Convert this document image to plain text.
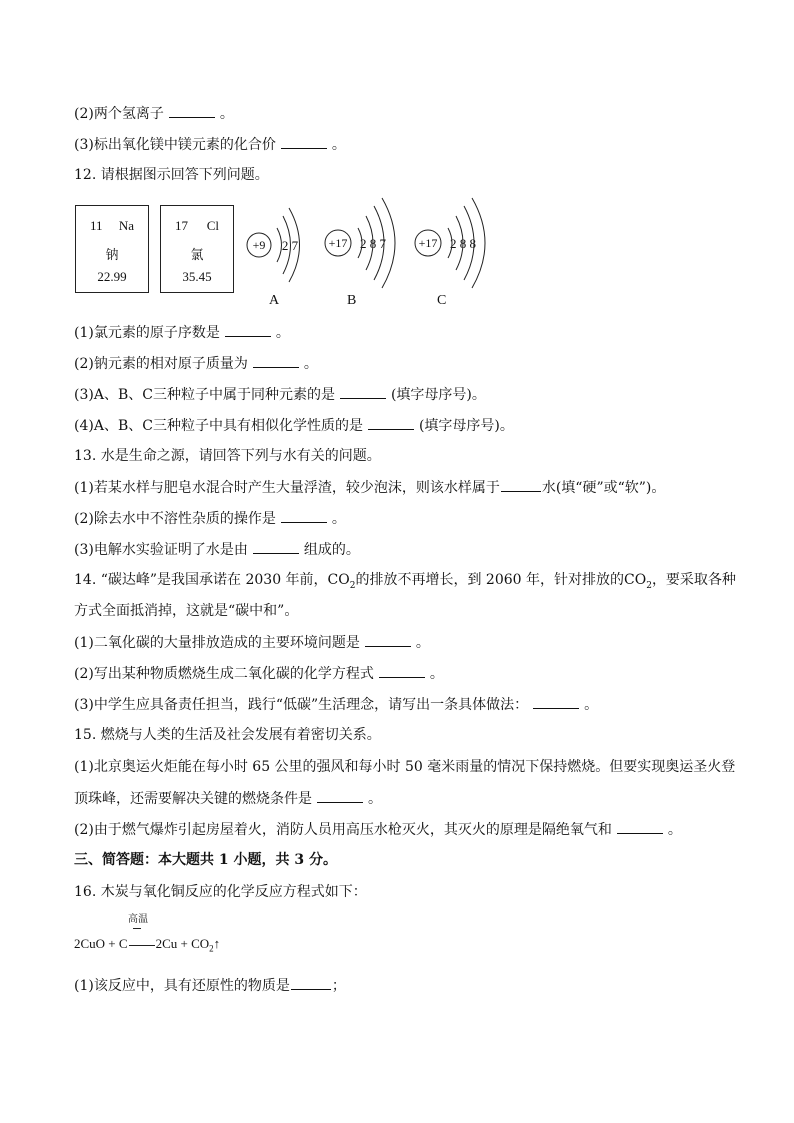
(2)两个氢离子	。
(3)标出氧化镁中镁元素的化合价	。
12. 请根据图示回答下列问题。
11 Na
钠
22.99
17 Cl
氯
35.45
+9 2 7	+17 2 8 7	+17 2 8 8
A	B	C
(1)氯元素的原子序数是	。
(2)钠元素的相对原子质量为	。
(3)A、B、C三种粒子中属于同种元素的是	(填字母序号)。
(4)A、B、C三种粒子中具有相似化学性质的是	(填字母序号)。
13. 水是生命之源，请回答下列与水有关的问题。
(1)若某水样与肥皂水混合时产生大量浮渣，较少泡沫，则该水样属于	水(填“硬”或“软”)。
(2)除去水中不溶性杂质的操作是	。
(3)电解水实验证明了水是由	组成的。
14. “碳达峰”是我国承诺在 2030 年前，$CO_2$的排放不再增长，到 2060 年，针对排放的$CO_2$，要采取各种
方式全面抵消掉，这就是“碳中和”。
(1)二氧化碳的大量排放造成的主要环境问题是	。
(2)写出某种物质燃烧生成二氧化碳的化学方程式	。
(3)中学生应具备责任担当，践行“低碳”生活理念，请写出一条具体做法：	。
15. 燃烧与人类的生活及社会发展有着密切关系。
(1)北京奥运火炬能在每小时 65 公里的强风和每小时 50 毫米雨量的情况下保持燃烧。但要实现奥运圣火登
顶珠峰，还需要解决关键的燃烧条件是	。
(2)由于燃气爆炸引起房屋着火，消防人员用高压水枪灭火，其灭火的原理是隔绝氧气和	。
三、简答题：本大题共 1 小题，共 3 分。
16. 木炭与氧化铜反应的化学反应方程式如下：
高温
2CuO + C $2Cu + CO_2↑$
(1)该反应中，具有还原性的物质是	；
